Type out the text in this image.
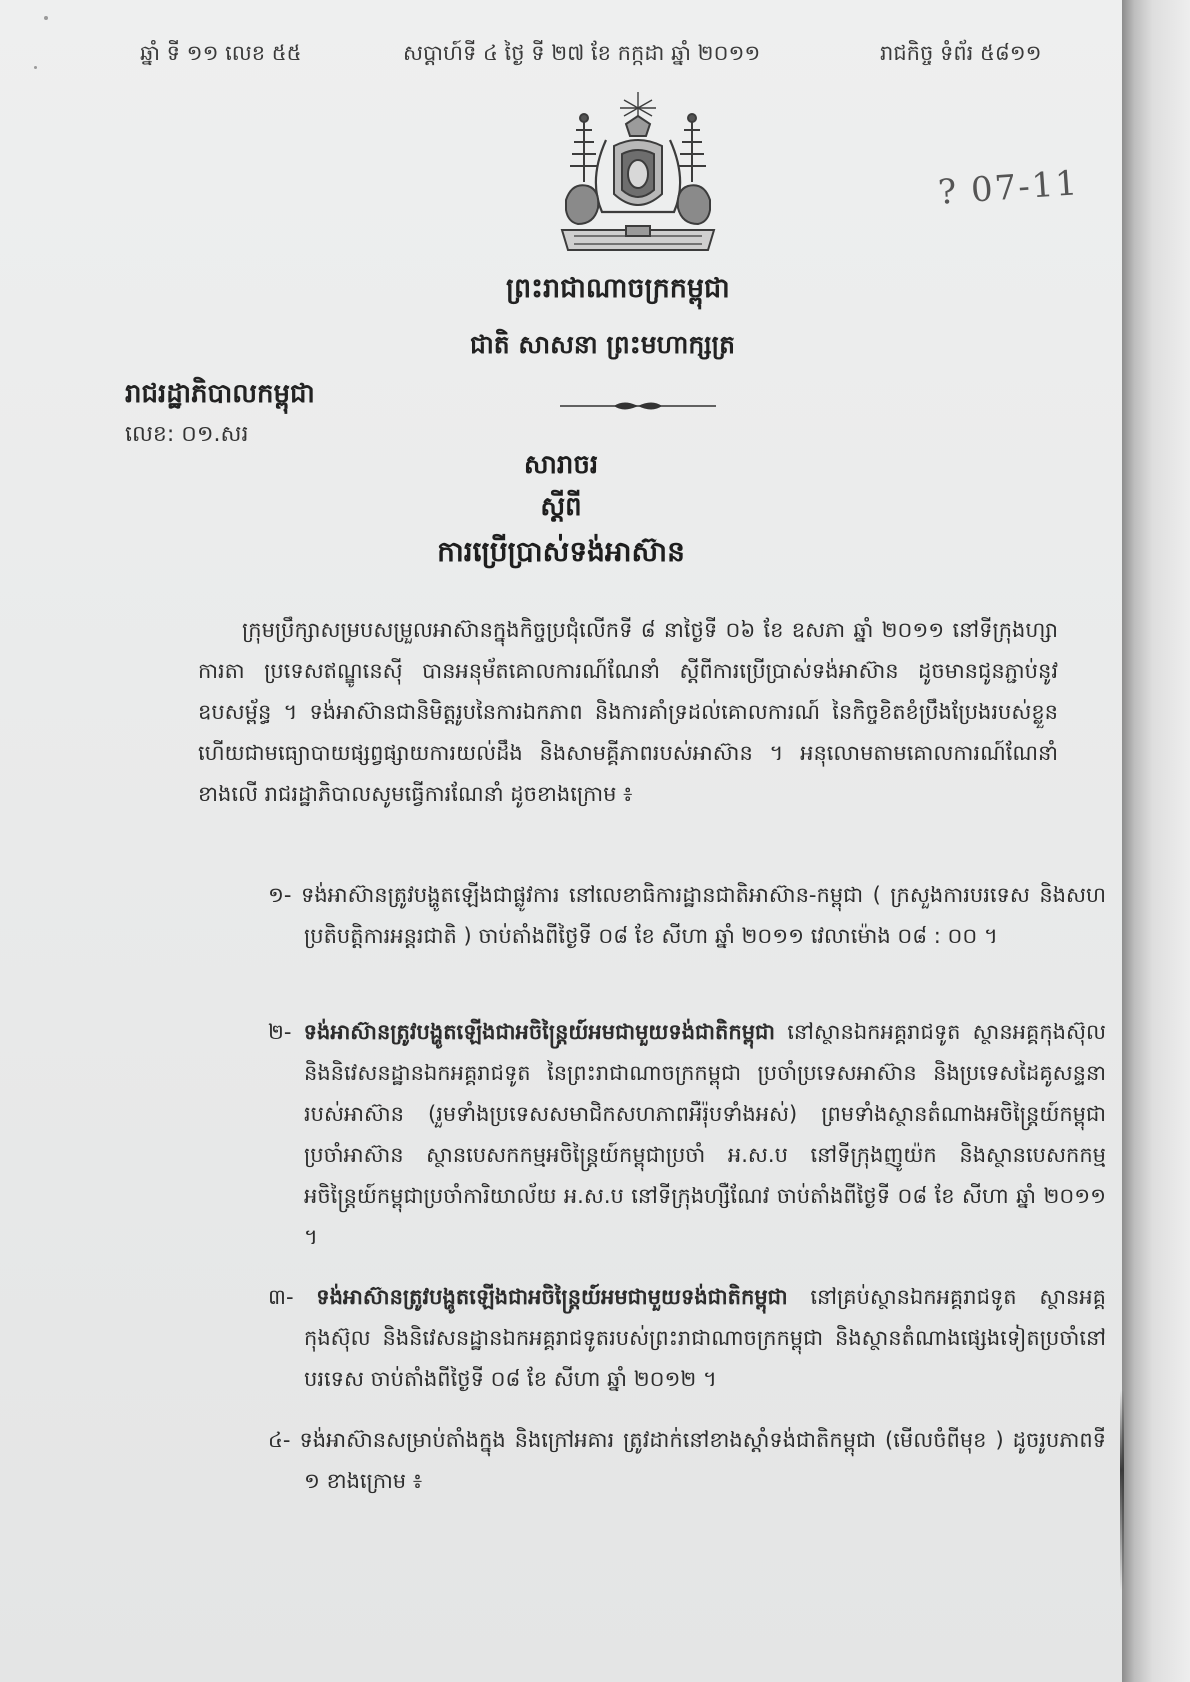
ឆ្នាំ ទី ១១ លេខ ៥៥	សប្តាហ៍ទី ៤ ថ្ងៃ ទី ២៧ ខែ កក្កដា ឆ្នាំ ២០១១	រាជកិច្ច ទំព័រ ៥៨១១
? 07-11
ព្រះរាជាណាចក្រកម្ពុជា
ជាតិ សាសនា ព្រះមហាក្សត្រ
រាជរដ្ឋាភិបាលកម្ពុជា
លេខ: ០១.សរ
សារាចរ
ស្តីពី
ការប្រើប្រាស់ទង់អាស៊ាន
ក្រុមប្រឹក្សាសម្របសម្រួលអាស៊ានក្នុងកិច្ចប្រជុំលើកទី ៨ នាថ្ងៃទី ០៦ ខែ ឧសភា ឆ្នាំ ២០១១ នៅទីក្រុងហ្សាការតា ប្រទេសឥណ្ឌូនេស៊ី បានអនុម័តគោលការណ៍ណែនាំ ស្តីពីការប្រើប្រាស់ទង់អាស៊ាន ដូចមានជូនភ្ជាប់នូវឧបសម្ព័ន្ធ ។ ទង់អាស៊ានជានិមិត្តរូបនៃការឯកភាព និងការគាំទ្រដល់គោលការណ៍ នៃកិច្ចខិតខំប្រឹងប្រែងរបស់ខ្លួន ហើយជាមធ្យោបាយផ្សព្វផ្សាយការយល់ដឹង និងសាមគ្គីភាពរបស់អាស៊ាន ។ អនុលោមតាមគោលការណ៍ណែនាំខាងលើ រាជរដ្ឋាភិបាលសូមធ្វើការណែនាំ ដូចខាងក្រោម ៖
១- ទង់អាស៊ានត្រូវបង្ហូតឡើងជាផ្លូវការ នៅលេខាធិការដ្ឋានជាតិអាស៊ាន-កម្ពុជា ( ក្រសួងការបរទេស និងសហប្រតិបត្តិការអន្តរជាតិ ) ចាប់តាំងពីថ្ងៃទី ០៨ ខែ សីហា ឆ្នាំ ២០១១ វេលាម៉ោង ០៨ : ០០ ។
២- ទង់អាស៊ានត្រូវបង្ហូតឡើងជាអចិន្ត្រៃយ៍អមជាមួយទង់ជាតិកម្ពុជា នៅស្ថានឯកអគ្គរាជទូត ស្ថានអគ្គកុងស៊ុល និងនិវេសនដ្ឋានឯកអគ្គរាជទូត នៃព្រះរាជាណាចក្រកម្ពុជា ប្រចាំប្រទេសអាស៊ាន និងប្រទេសដៃគូសន្ទនារបស់អាស៊ាន (រួមទាំងប្រទេសសមាជិកសហភាពអឺរ៉ុបទាំងអស់) ព្រមទាំងស្ថានតំណាងអចិន្ត្រៃយ៍កម្ពុជាប្រចាំអាស៊ាន ស្ថានបេសកកម្មអចិន្ត្រៃយ៍កម្ពុជាប្រចាំ អ.ស.ប នៅទីក្រុងញូយ៉ក និងស្ថានបេសកកម្មអចិន្ត្រៃយ៍កម្ពុជាប្រចាំការិយាល័យ អ.ស.ប នៅទីក្រុងហ្សឺណែវ ចាប់តាំងពីថ្ងៃទី ០៨ ខែ សីហា ឆ្នាំ ២០១១ ។
៣- ទង់អាស៊ានត្រូវបង្ហូតឡើងជាអចិន្ត្រៃយ៍អមជាមួយទង់ជាតិកម្ពុជា នៅគ្រប់ស្ថានឯកអគ្គរាជទូត ស្ថានអគ្គកុងស៊ុល និងនិវេសនដ្ឋានឯកអគ្គរាជទូតរបស់ព្រះរាជាណាចក្រកម្ពុជា និងស្ថានតំណាងផ្សេងទៀតប្រចាំនៅបរទេស ចាប់តាំងពីថ្ងៃទី ០៨ ខែ សីហា ឆ្នាំ ២០១២ ។
៤- ទង់អាស៊ានសម្រាប់តាំងក្នុង និងក្រៅអគារ ត្រូវដាក់នៅខាងស្តាំទង់ជាតិកម្ពុជា (មើលចំពីមុខ ) ដូចរូបភាពទី ១ ខាងក្រោម ៖
